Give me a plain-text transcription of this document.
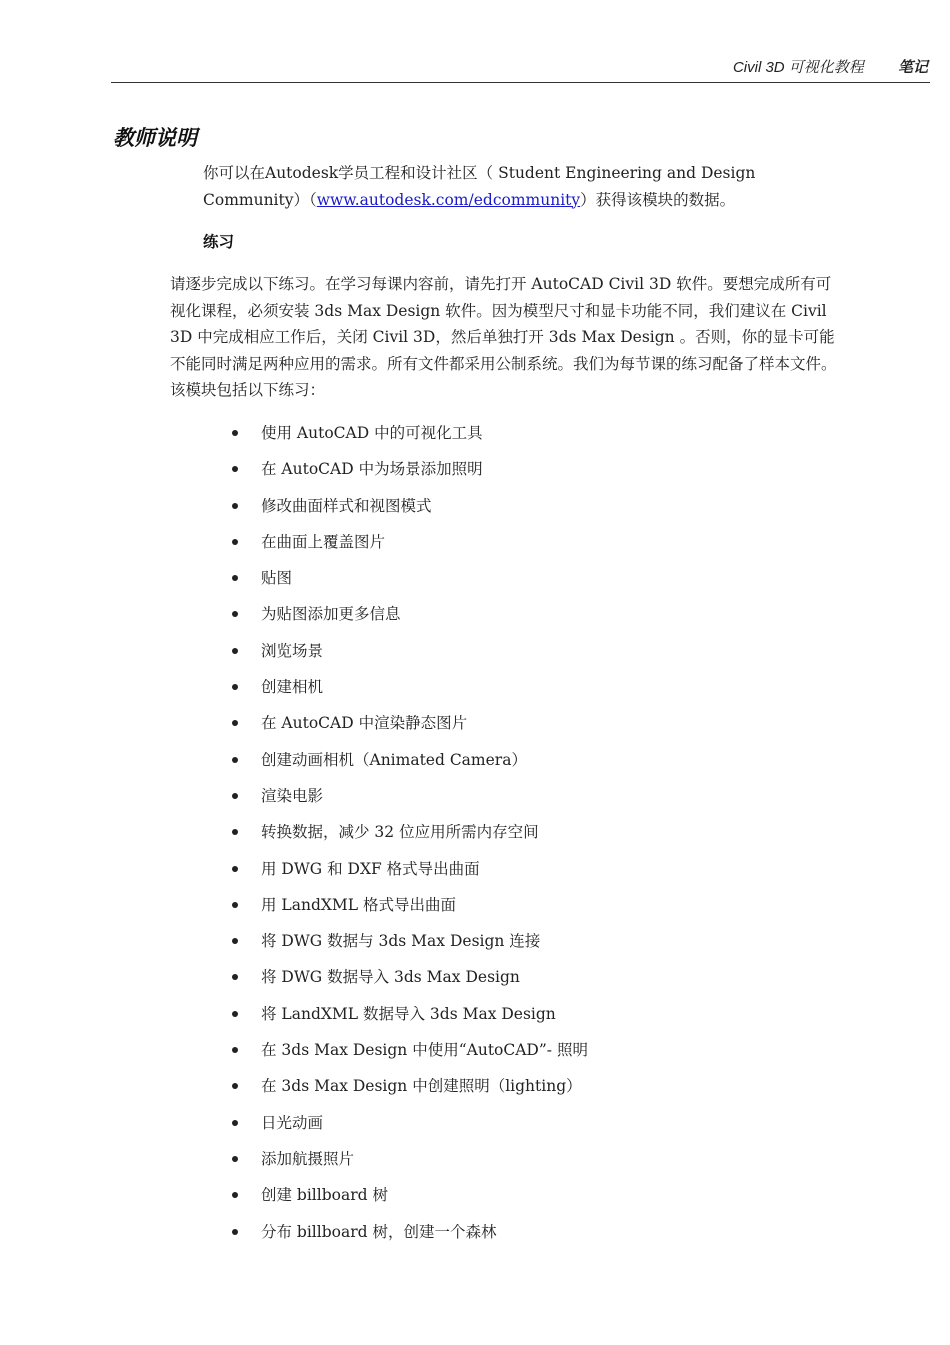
Civil 3D 可视化教程 笔记
教师说明

你可以在Autodesk学员工程和设计社区（ Student Engineering and Design Community）（www.autodesk.com/edcommunity）获得该模块的数据。

练习

请逐步完成以下练习。在学习每课内容前，请先打开 AutoCAD Civil 3D 软件。要想完成所有可视化课程，必须安装 3ds Max Design 软件。因为模型尺寸和显卡功能不同，我们建议在 Civil 3D 中完成相应工作后，关闭 Civil 3D，然后单独打开 3ds Max Design 。否则，你的显卡可能不能同时满足两种应用的需求。所有文件都采用公制系统。我们为每节课的练习配备了样本文件。该模块包括以下练习：

使用 AutoCAD 中的可视化工具
在 AutoCAD 中为场景添加照明
修改曲面样式和视图模式
在曲面上覆盖图片
贴图
为贴图添加更多信息
浏览场景
创建相机
在 AutoCAD 中渲染静态图片
创建动画相机（Animated Camera）
渲染电影
转换数据，减少 32 位应用所需内存空间
用 DWG 和 DXF 格式导出曲面
用 LandXML 格式导出曲面
将 DWG 数据与 3ds Max Design 连接
将 DWG 数据导入 3ds Max Design
将 LandXML 数据导入 3ds Max Design
在 3ds Max Design 中使用“AutoCAD”- 照明
在 3ds Max Design 中创建照明（lighting）
日光动画
添加航摄照片
创建 billboard 树
分布 billboard 树，创建一个森林
